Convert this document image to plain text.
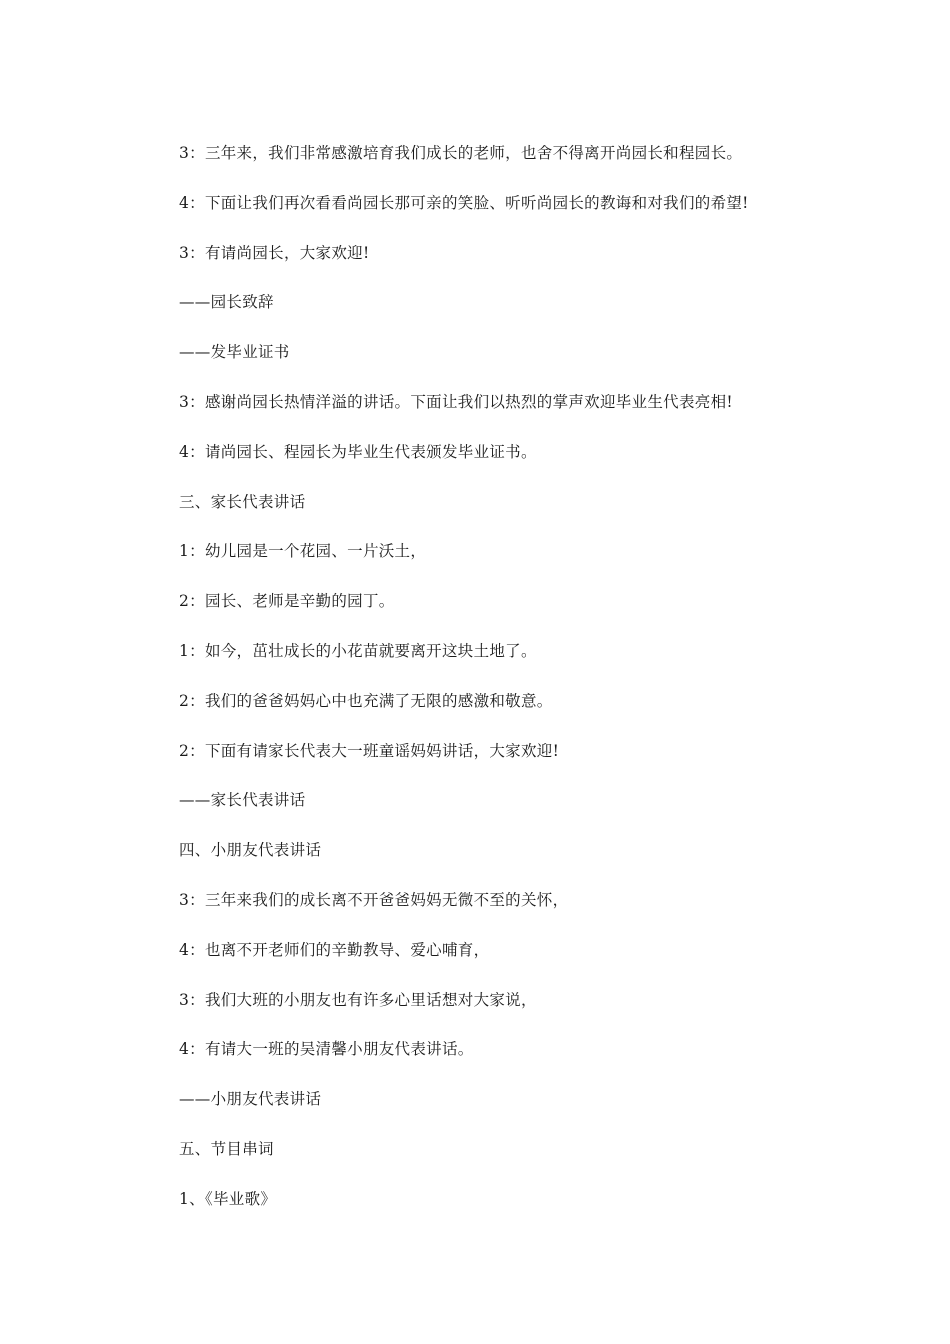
3：三年来，我们非常感激培育我们成长的老师，也舍不得离开尚园长和程园长。
4：下面让我们再次看看尚园长那可亲的笑脸、听听尚园长的教诲和对我们的希望!
3：有请尚园长，大家欢迎!
——园长致辞
——发毕业证书
3：感谢尚园长热情洋溢的讲话。下面让我们以热烈的掌声欢迎毕业生代表亮相!
4：请尚园长、程园长为毕业生代表颁发毕业证书。
三、家长代表讲话
1：幼儿园是一个花园、一片沃土，
2：园长、老师是辛勤的园丁。
1：如今，茁壮成长的小花苗就要离开这块土地了。
2：我们的爸爸妈妈心中也充满了无限的感激和敬意。
2：下面有请家长代表大一班童谣妈妈讲话，大家欢迎!
——家长代表讲话
四、小朋友代表讲话
3：三年来我们的成长离不开爸爸妈妈无微不至的关怀，
4：也离不开老师们的辛勤教导、爱心哺育，
3：我们大班的小朋友也有许多心里话想对大家说，
4：有请大一班的吴清馨小朋友代表讲话。
——小朋友代表讲话
五、节目串词
1、《毕业歌》
